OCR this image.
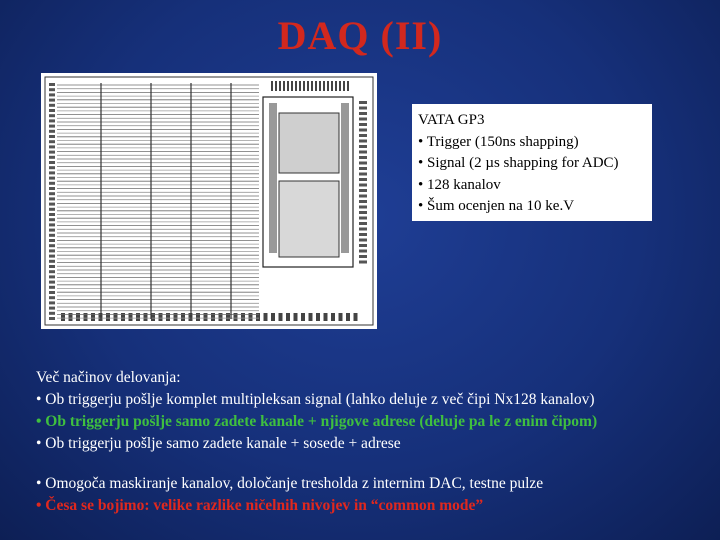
DAQ (II)
VATA GP3
• Trigger (150ns shapping)
• Signal (2 µs shapping for ADC)
• 128 kanalov
• Šum ocenjen na 10 ke.V
Več načinov delovanja:
• Ob triggerju pošlje komplet multipleksan signal (lahko deluje z več čipi Nx128 kanalov)
• Ob triggerju pošlje samo zadete kanale + njigove adrese (deluje pa le z enim čipom)
• Ob triggerju pošlje samo zadete kanale + sosede + adrese
• Omogoča maskiranje kanalov, določanje tresholda z internim DAC, testne pulze
• Česa se bojimo: velike razlike ničelnih nivojev in “common mode”
